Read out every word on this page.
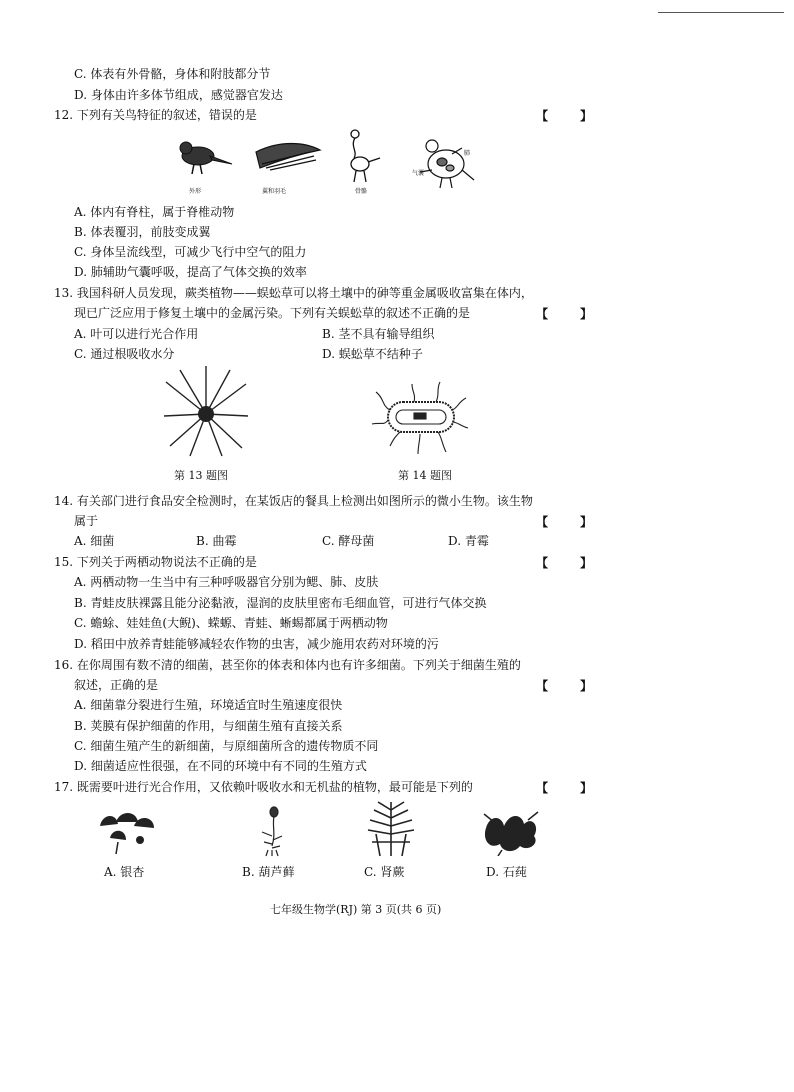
C. 体表有外骨骼，身体和附肢都分节
D. 身体由许多体节组成，感觉器官发达
12. 下列有关鸟特征的叙述，错误的是	【 】
外形	翼和羽毛	骨骼
肺
气囊
A. 体内有脊柱，属于脊椎动物
B. 体表覆羽，前肢变成翼
C. 身体呈流线型，可减少飞行中空气的阻力
D. 肺辅助气囊呼吸，提高了气体交换的效率
13. 我国科研人员发现，蕨类植物——蜈蚣草可以将土壤中的砷等重金属吸收富集在体内，
现已广泛应用于修复土壤中的金属污染。下列有关蜈蚣草的叙述不正确的是	【 】
A. 叶可以进行光合作用	B. 茎不具有输导组织
C. 通过根吸收水分	D. 蜈蚣草不结种子
第 13 题图	第 14 题图
14. 有关部门进行食品安全检测时，在某饭店的餐具上检测出如图所示的微小生物。该生物
属于	【 】
A. 细菌	B. 曲霉	C. 酵母菌	D. 青霉
15. 下列关于两栖动物说法不正确的是	【 】
A. 两栖动物一生当中有三种呼吸器官分别为鳃、肺、皮肤
B. 青蛙皮肤裸露且能分泌黏液，湿润的皮肤里密布毛细血管，可进行气体交换
C. 蟾蜍、娃娃鱼(大鲵)、蝾螈、青蛙、蜥蜴都属于两栖动物
D. 稻田中放养青蛙能够减轻农作物的虫害，减少施用农药对环境的污
16. 在你周围有数不清的细菌，甚至你的体表和体内也有许多细菌。下列关于细菌生殖的
叙述，正确的是	【 】
A. 细菌靠分裂进行生殖，环境适宜时生殖速度很快
B. 荚膜有保护细菌的作用，与细菌生殖有直接关系
C. 细菌生殖产生的新细菌，与原细菌所含的遗传物质不同
D. 细菌适应性很强，在不同的环境中有不同的生殖方式
17. 既需要叶进行光合作用，又依赖叶吸收水和无机盐的植物，最可能是下列的	【 】
A. 银杏	B. 葫芦藓	C. 肾蕨	D. 石莼
七年级生物学(RJ) 第 3 页(共 6 页)
